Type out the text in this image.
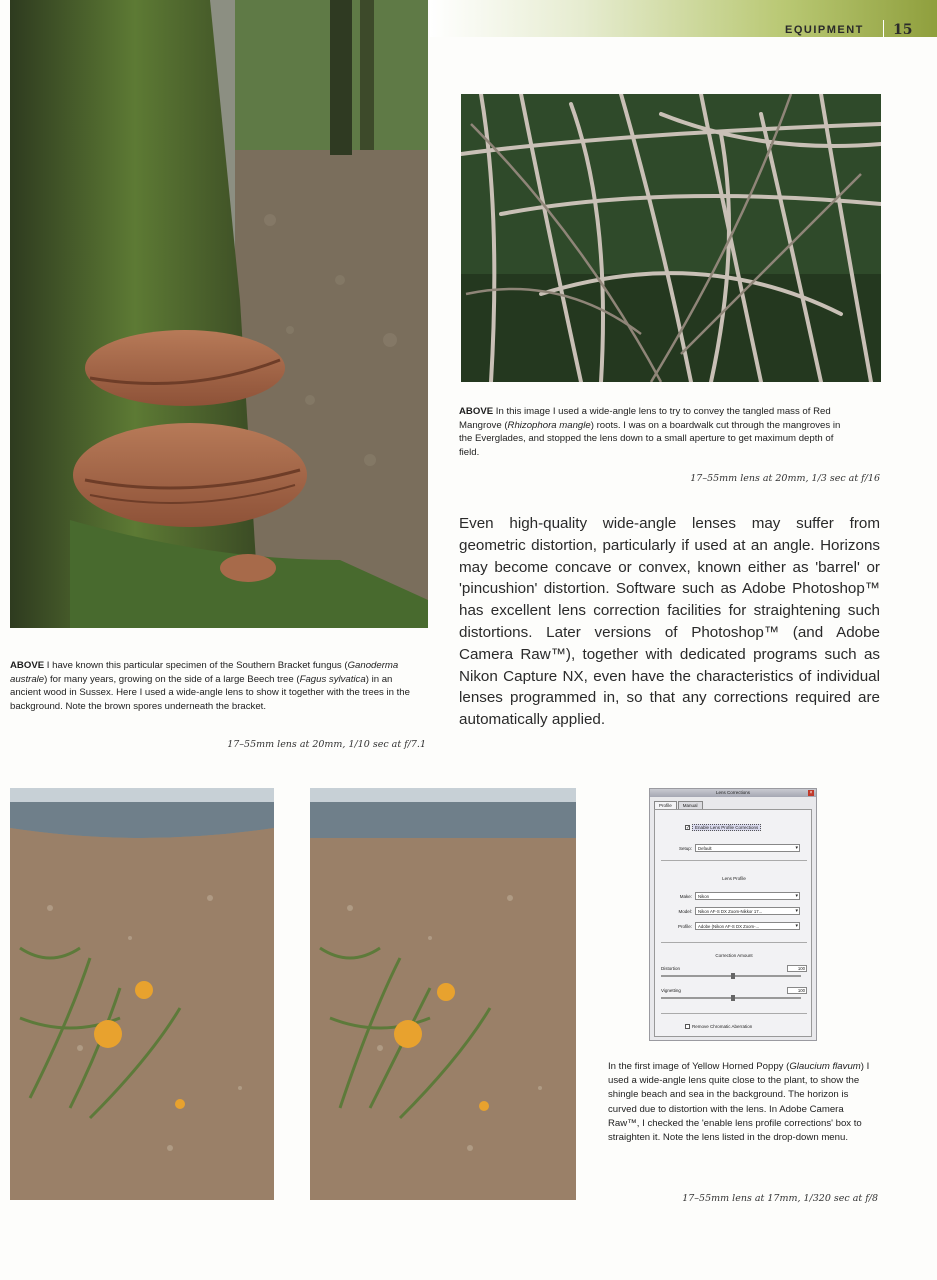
EQUIPMENT 15
ABOVE In this image I used a wide-angle lens to try to convey the tangled mass of Red Mangrove (Rhizophora mangle) roots. I was on a boardwalk cut through the mangroves in the Everglades, and stopped the lens down to a small aperture to get maximum depth of field.
17–55mm lens at 20mm, 1/3 sec at f/16
Even high-quality wide-angle lenses may suffer from geometric distortion, particularly if used at an angle. Horizons may become concave or convex, known either as 'barrel' or 'pincushion' distortion. Software such as Adobe Photoshop™ has excellent lens correction facilities for straightening such distortions. Later versions of Photoshop™ (and Adobe Camera Raw™), together with dedicated programs such as Nikon Capture NX, even have the characteristics of individual lenses programmed in, so that any corrections required are automatically applied.
ABOVE I have known this particular specimen of the Southern Bracket fungus (Ganoderma australe) for many years, growing on the side of a large Beech tree (Fagus sylvatica) in an ancient wood in Sussex. Here I used a wide-angle lens to show it together with the trees in the background. Note the brown spores underneath the bracket.
17–55mm lens at 20mm, 1/10 sec at f/7.1
Lens Corrections	×
Profile	Manual
✓	Enable Lens Profile Corrections
Setup:	Default ▾
Lens Profile
Make:	Nikon ▾
Model:	Nikon AF-S DX Zoom-Nikkor 17... ▾
Profile:	Adobe (Nikon AF-S DX Zoom-... ▾
Correction Amount
Distortion	100
Vignetting	100
Remove Chromatic Aberration
In the first image of Yellow Horned Poppy (Glaucium flavum) I used a wide-angle lens quite close to the plant, to show the shingle beach and sea in the background. The horizon is curved due to distortion with the lens. In Adobe Camera Raw™, I checked the 'enable lens profile corrections' box to straighten it. Note the lens listed in the drop-down menu.
17–55mm lens at 17mm, 1/320 sec at f/8
